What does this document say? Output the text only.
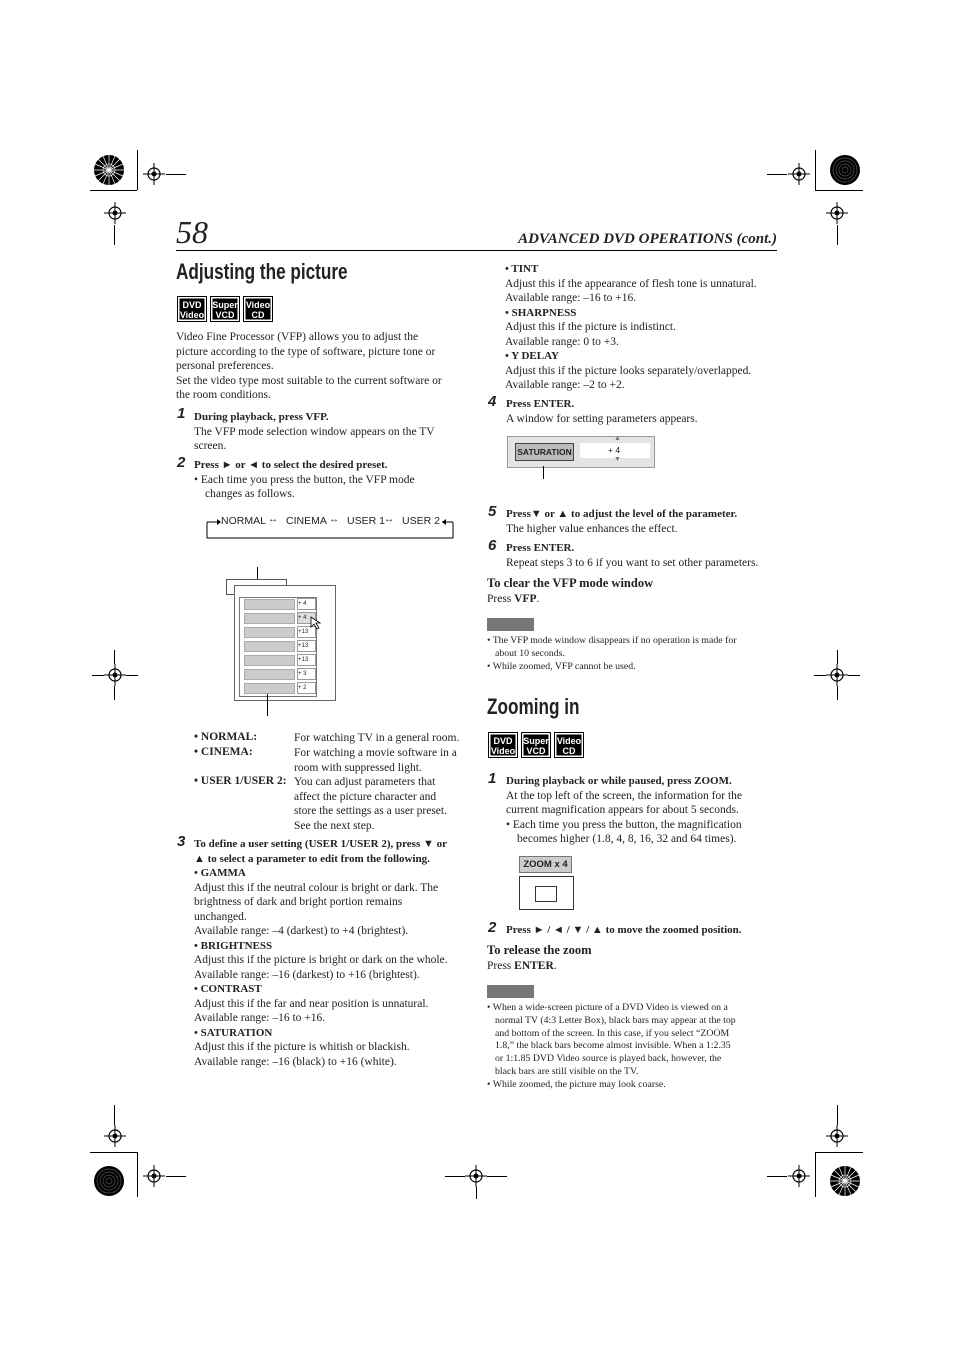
58	ADVANCED DVD OPERATIONS (cont.)
Adjusting the picture
DVD
Video
Super
VCD
Video
CD
Video Fine Processor (VFP) allows you to adjust the
picture according to the type of software, picture tone or
personal preferences.
Set the video type most suitable to the current software or
the room conditions.
1 During playback, press VFP.
The VFP mode selection window appears on the TV
screen.
2 Press ► or ◄ to select the desired preset.
• Each time you press the button, the VFP mode
changes as follows.
NORMAL ↔ CINEMA ↔ USER 1 ↔ USER 2
+ 4
+ 4
+13
+13
+13
+ 3
+ 2
• NORMAL:	For watching TV in a general room.
• CINEMA:	For watching a movie software in a
room with suppressed light.
• USER 1/USER 2: You can adjust parameters that
affect the picture character and
store the settings as a user preset.
See the next step.
3 To define a user setting (USER 1/USER 2), press ▼ or
▲ to select a parameter to edit from the following.
• GAMMA
Adjust this if the neutral colour is bright or dark. The
brightness of dark and bright portion remains
unchanged.
Available range: –4 (darkest) to +4 (brightest).
• BRIGHTNESS
Adjust this if the picture is bright or dark on the whole.
Available range: –16 (darkest) to +16 (brightest).
• CONTRAST
Adjust this if the far and near position is unnatural.
Available range: –16 to +16.
• SATURATION
Adjust this if the picture is whitish or blackish.
Available range: –16 (black) to +16 (white).
• TINT
Adjust this if the appearance of flesh tone is unnatural.
Available range: –16 to +16.
• SHARPNESS
Adjust this if the picture is indistinct.
Available range: 0 to +3.
• Y DELAY
Adjust this if the picture looks separately/overlapped.
Available range: –2 to +2.
4 Press ENTER.
A window for setting parameters appears.
SATURATION	+ 4
▲
▼
5 Press▼ or ▲ to adjust the level of the parameter.
The higher value enhances the effect.
6 Press ENTER.
Repeat steps 3 to 6 if you want to set other parameters.
To clear the VFP mode window
Press VFP.
• The VFP mode window disappears if no operation is made for
about 10 seconds.
• While zoomed, VFP cannot be used.
Zooming in
DVD
Video
Super
VCD
Video
CD
1 During playback or while paused, press ZOOM.
At the top left of the screen, the information for the
current magnification appears for about 5 seconds.
• Each time you press the button, the magnification
becomes higher (1.8, 4, 8, 16, 32 and 64 times).
ZOOM x 4
2 Press ► / ◄ / ▼ / ▲ to move the zoomed position.
To release the zoom
Press ENTER.
• When a wide-screen picture of a DVD Video is viewed on a
normal TV (4:3 Letter Box), black bars may appear at the top
and bottom of the screen. In this case, if you select “ZOOM
1.8,” the black bars become almost invisible. When a 1:2.35
or 1:1.85 DVD Video source is played back, however, the
black bars are still visible on the TV.
• While zoomed, the picture may look coarse.
